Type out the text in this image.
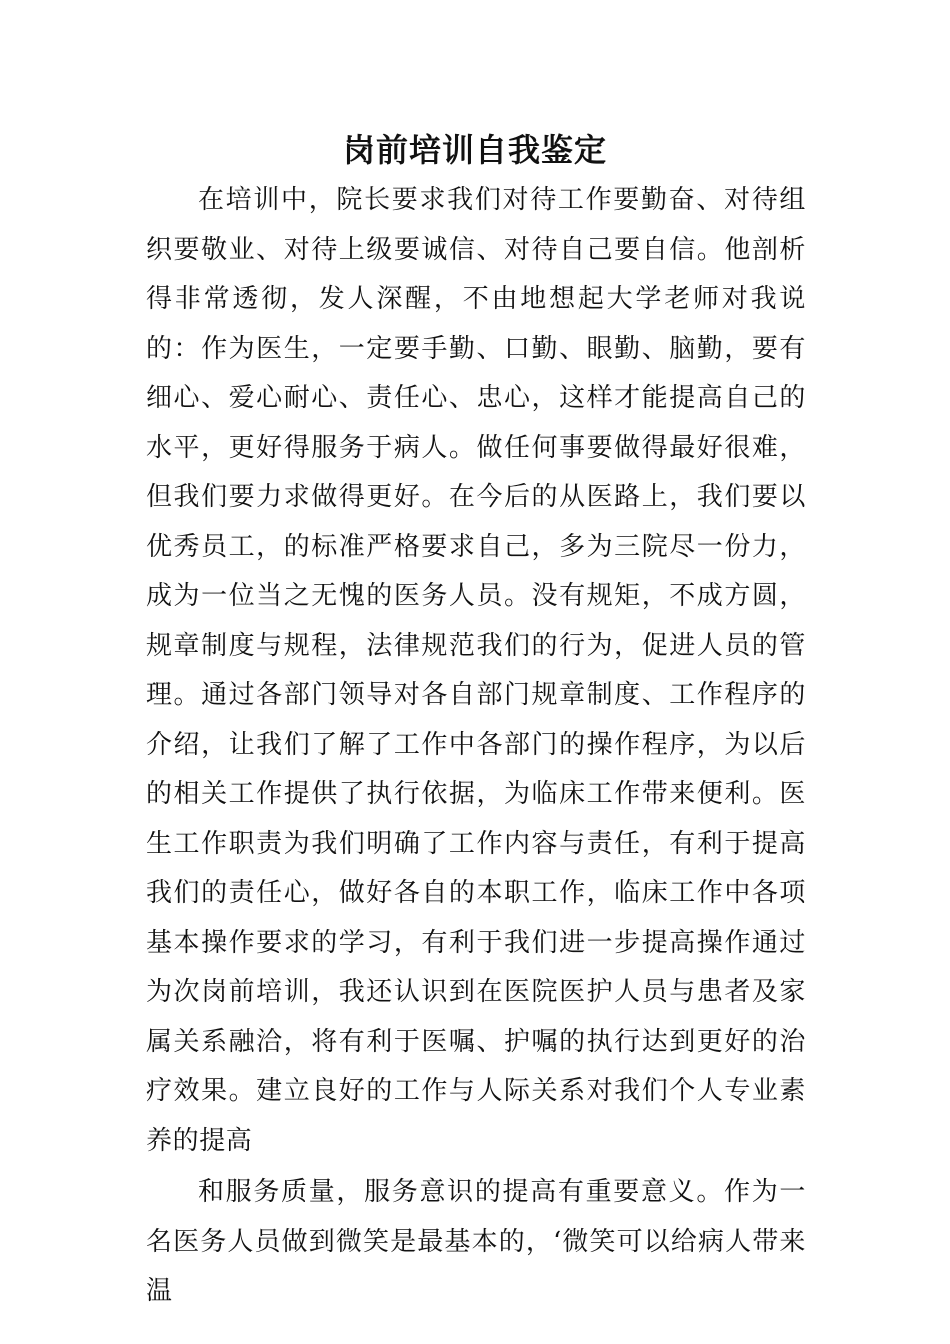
岗前培训自我鉴定

在培训中，院长要求我们对待工作要勤奋、对待组织要敬业、对待上级要诚信、对待自己要自信。他剖析得非常透彻，发人深醒，不由地想起大学老师对我说的：作为医生，一定要手勤、口勤、眼勤、脑勤，要有细心、爱心耐心、责任心、忠心，这样才能提高自己的水平，更好得服务于病人。做任何事要做得最好很难，但我们要力求做得更好。在今后的从医路上，我们要以优秀员工，的标准严格要求自己，多为三院尽一份力，成为一位当之无愧的医务人员。没有规矩，不成方圆，规章制度与规程，法律规范我们的行为，促进人员的管理。通过各部门领导对各自部门规章制度、工作程序的介绍，让我们了解了工作中各部门的操作程序，为以后的相关工作提供了执行依据，为临床工作带来便利。医生工作职责为我们明确了工作内容与责任，有利于提高我们的责任心，做好各自的本职工作，临床工作中各项基本操作要求的学习，有利于我们进一步提高操作通过为次岗前培训，我还认识到在医院医护人员与患者及家属关系融洽，将有利于医嘱、护嘱的执行达到更好的治疗效果。建立良好的工作与人际关系对我们个人专业素养的提高

和服务质量，服务意识的提高有重要意义。作为一名医务人员做到微笑是最基本的，‘微笑可以给病人带来温
